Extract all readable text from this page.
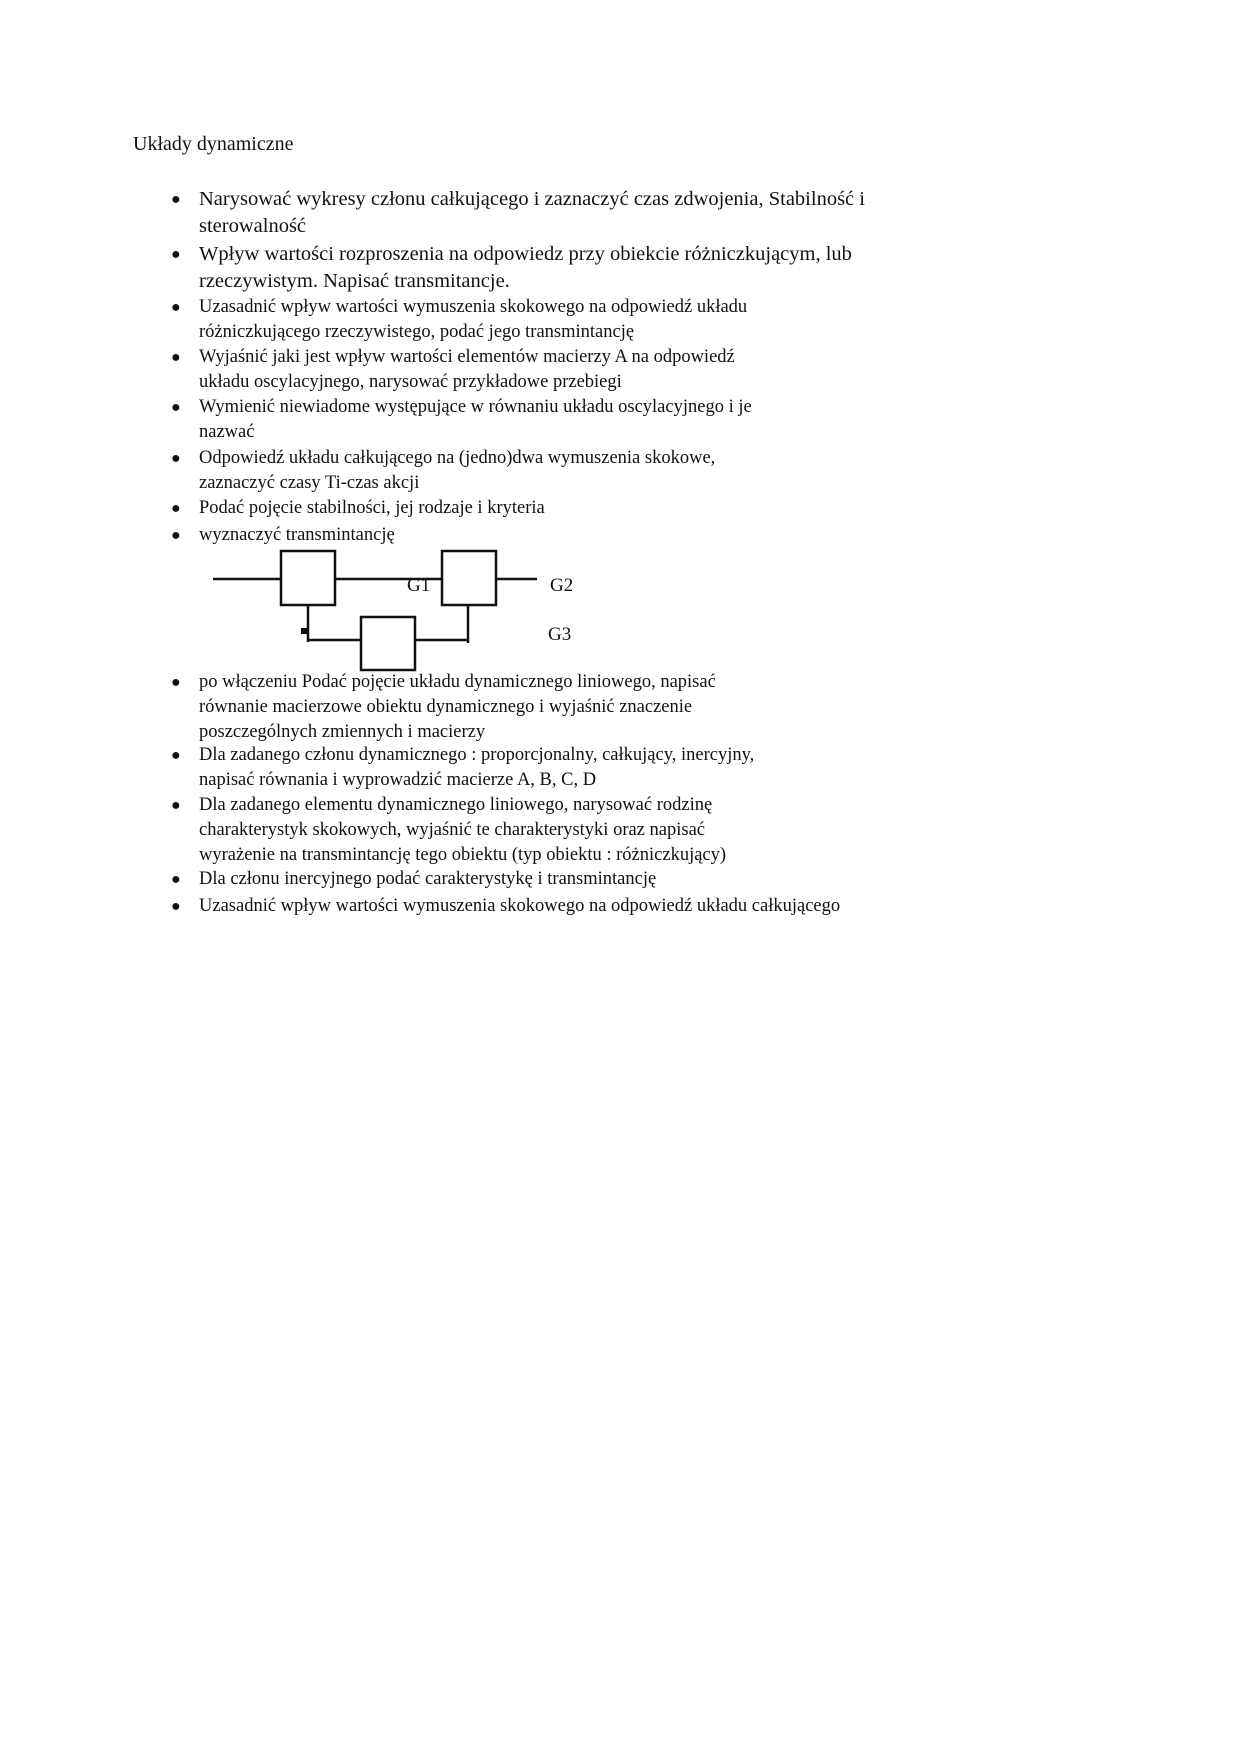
Układy dynamiczne
● Narysować wykresy członu całkującego i zaznaczyć czas zdwojenia, Stabilność i
sterowalność
● Wpływ wartości rozproszenia na odpowiedz przy obiekcie różniczkującym, lub
rzeczywistym. Napisać transmitancje.
● Uzasadnić wpływ wartości wymuszenia skokowego na odpowiedź układu
różniczkującego rzeczywistego, podać jego transmintancję
● Wyjaśnić jaki jest wpływ wartości elementów macierzy A na odpowiedź
układu oscylacyjnego, narysować przykładowe przebiegi
● Wymienić niewiadome występujące w równaniu układu oscylacyjnego i je
nazwać
● Odpowiedź układu całkującego na (jedno)dwa wymuszenia skokowe,
zaznaczyć czasy Ti-czas akcji
● Podać pojęcie stabilności, jej rodzaje i kryteria
● wyznaczyć transmintancję
● po włączeniu Podać pojęcie układu dynamicznego liniowego, napisać
równanie macierzowe obiektu dynamicznego i wyjaśnić znaczenie
poszczególnych zmiennych i macierzy
● Dla zadanego członu dynamicznego : proporcjonalny, całkujący, inercyjny,
napisać równania i wyprowadzić macierze A, B, C, D
● Dla zadanego elementu dynamicznego liniowego, narysować rodzinę
charakterystyk skokowych, wyjaśnić te charakterystyki oraz napisać
wyrażenie na transmintancję tego obiektu (typ obiektu : różniczkujący)
● Dla członu inercyjnego podać carakterystykę i transmintancję
● Uzasadnić wpływ wartości wymuszenia skokowego na odpowiedź układu całkującego
G1	G2
G3
